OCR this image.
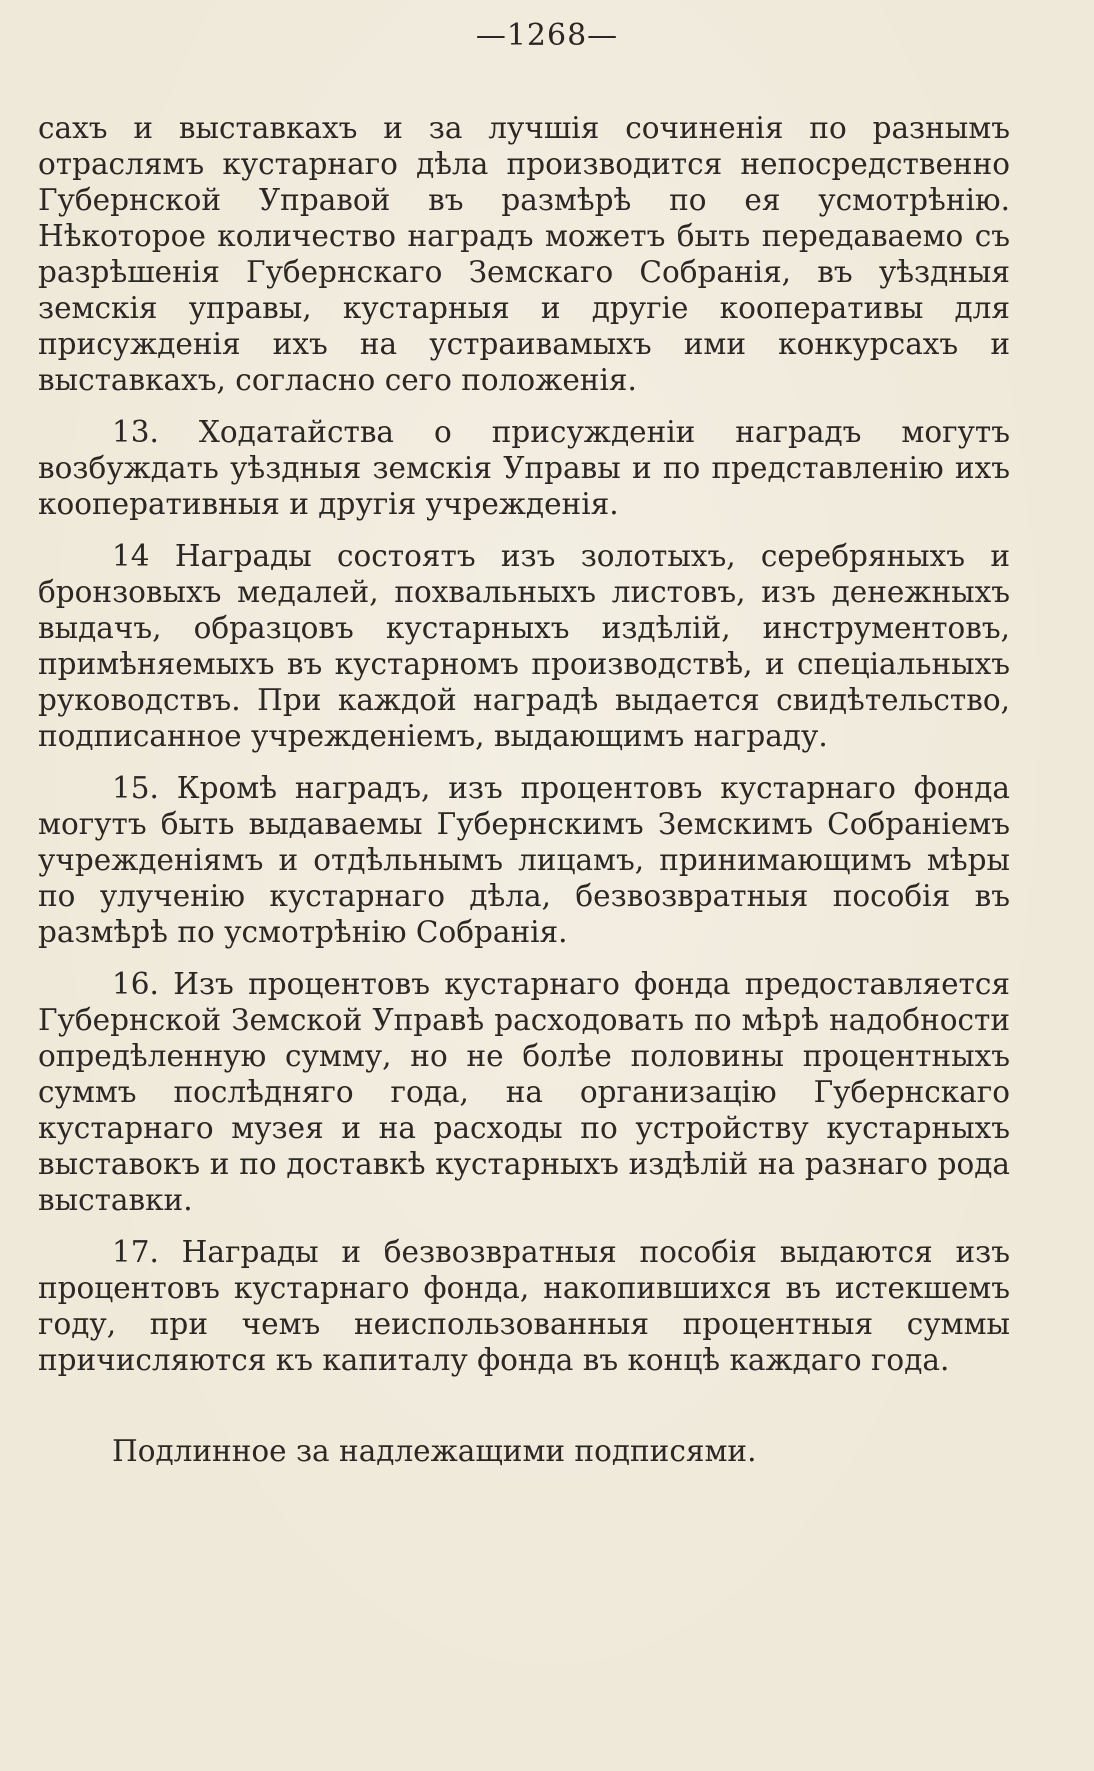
—1268—

сахъ и выставкахъ и за лучшія сочиненія по разнымъ отраслямъ кустарнаго дѣла производится непосредственно Губернской Управой въ размѣрѣ по ея усмотрѣнію. Нѣкоторое количество наградъ можетъ быть передаваемо съ разрѣшенія Губернскаго Земскаго Собранія, въ уѣздныя земскія управы, кустарныя и другіе кооперативы для присужденія ихъ на устраивамыхъ ими конкурсахъ и выставкахъ, согласно сего положенія.

13. Ходатайства о присужденіи наградъ могутъ возбуждать уѣздныя земскія Управы и по представленію ихъ кооперативныя и другія учрежденія.

14 Награды состоятъ изъ золотыхъ, серебряныхъ и бронзовыхъ медалей, похвальныхъ листовъ, изъ денежныхъ выдачъ, образцовъ кустарныхъ издѣлій, инструментовъ, примѣняемыхъ въ кустарномъ производствѣ, и спеціальныхъ руководствъ. При каждой наградѣ выдается свидѣтельство, подписанное учрежденіемъ, выдающимъ награду.

15. Кромѣ наградъ, изъ процентовъ кустарнаго фонда могутъ быть выдаваемы Губернскимъ Земскимъ Собраніемъ учрежденіямъ и отдѣльнымъ лицамъ, принимающимъ мѣры по улученію кустарнаго дѣла, безвозвратныя пособія въ размѣрѣ по усмотрѣнію Собранія.

16. Изъ процентовъ кустарнаго фонда предоставляется Губернской Земской Управѣ расходовать по мѣрѣ надобности опредѣленную сумму, но не болѣе половины процентныхъ суммъ послѣдняго года, на организацію Губернскаго кустарнаго музея и на расходы по устройству кустарныхъ выставокъ и по доставкѣ кустарныхъ издѣлій на разнаго рода выставки.

17. Награды и безвозвратныя пособія выдаются изъ процентовъ кустарнаго фонда, накопившихся въ истекшемъ году, при чемъ неиспользованныя процентныя суммы причисляются къ капиталу фонда въ концѣ каждаго года.

Подлинное за надлежащими подписями.
